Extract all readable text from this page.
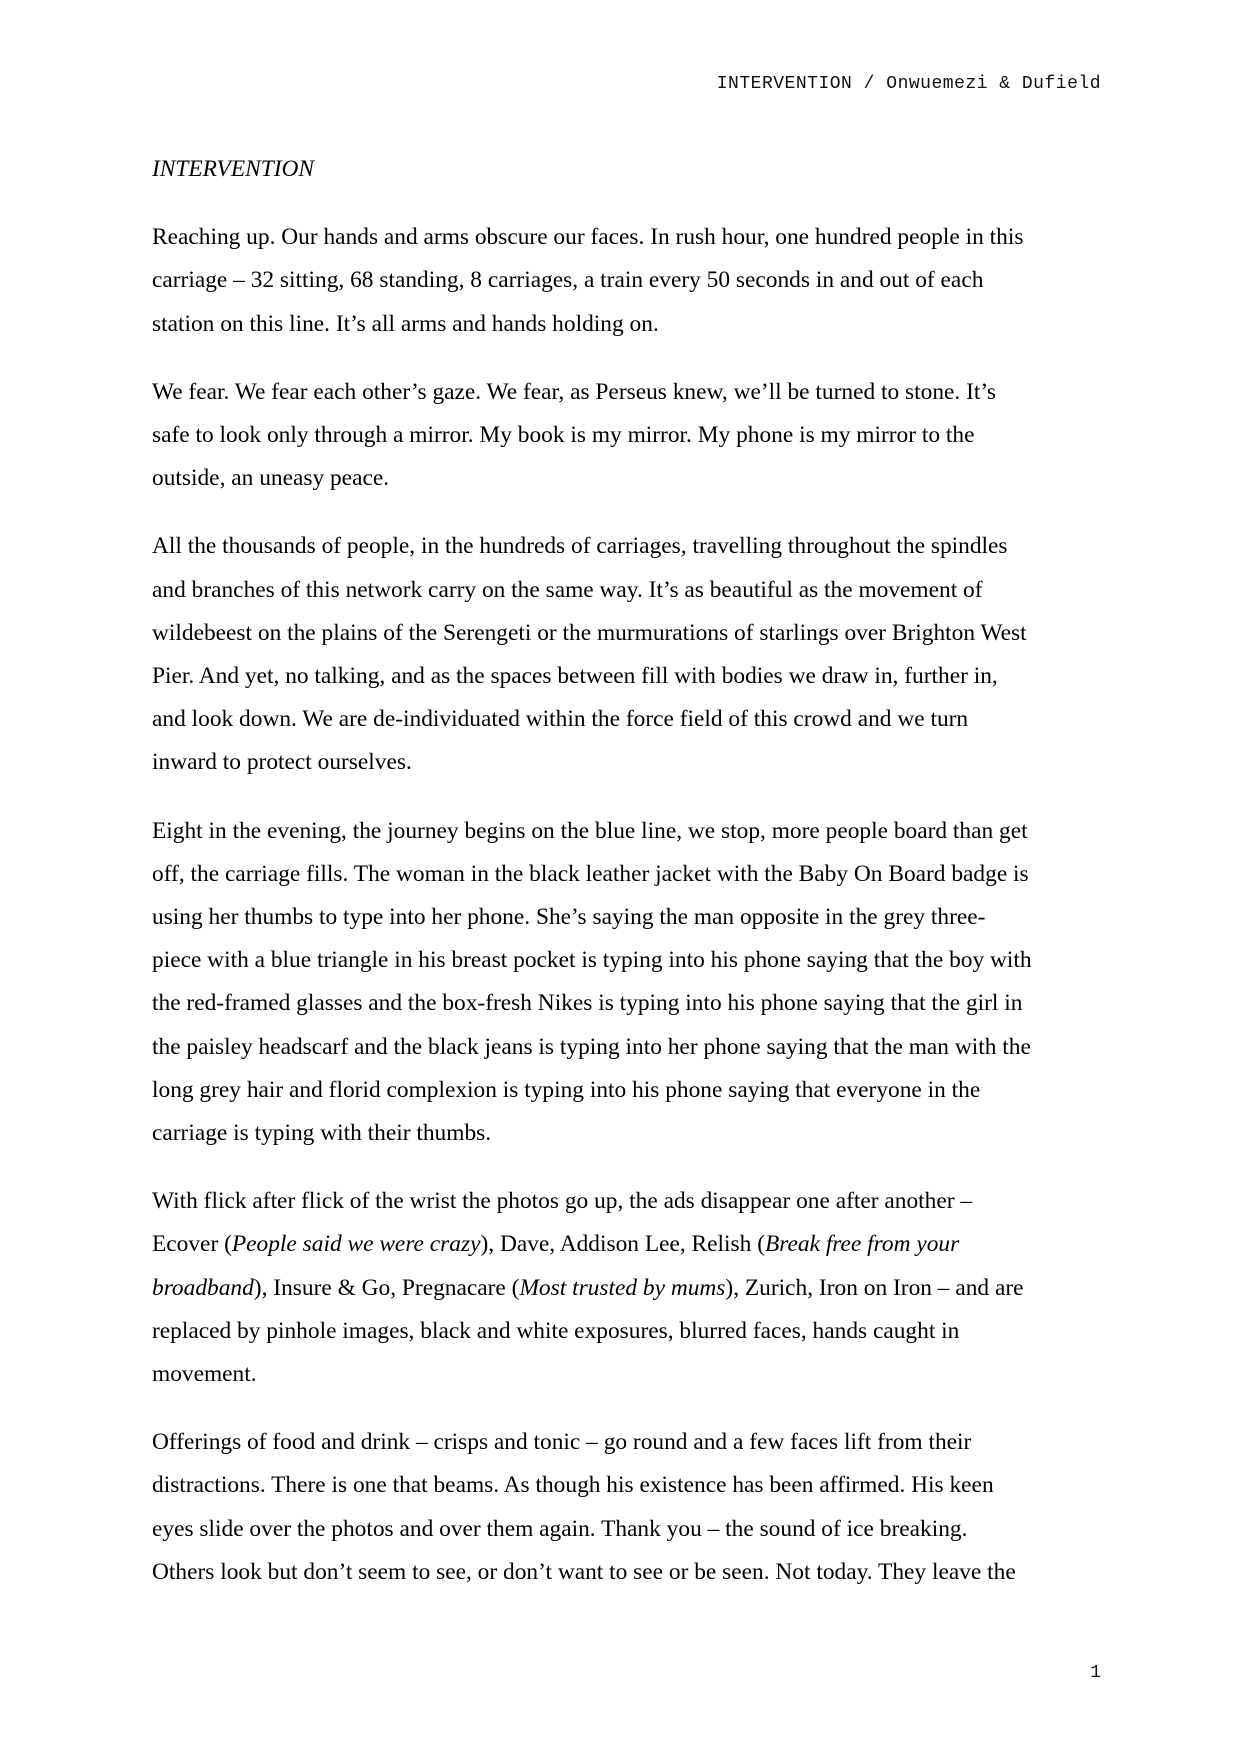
INTERVENTION / Onwuemezi & Dufield
INTERVENTION

Reaching up. Our hands and arms obscure our faces. In rush hour, one hundred people in this
carriage – 32 sitting, 68 standing, 8 carriages, a train every 50 seconds in and out of each
station on this line. It’s all arms and hands holding on.

We fear. We fear each other’s gaze. We fear, as Perseus knew, we’ll be turned to stone. It’s
safe to look only through a mirror. My book is my mirror. My phone is my mirror to the
outside, an uneasy peace.

All the thousands of people, in the hundreds of carriages, travelling throughout the spindles
and branches of this network carry on the same way. It’s as beautiful as the movement of
wildebeest on the plains of the Serengeti or the murmurations of starlings over Brighton West
Pier. And yet, no talking, and as the spaces between fill with bodies we draw in, further in,
and look down. We are de-individuated within the force field of this crowd and we turn
inward to protect ourselves.

Eight in the evening, the journey begins on the blue line, we stop, more people board than get
off, the carriage fills. The woman in the black leather jacket with the Baby On Board badge is
using her thumbs to type into her phone. She’s saying the man opposite in the grey three-
piece with a blue triangle in his breast pocket is typing into his phone saying that the boy with
the red-framed glasses and the box-fresh Nikes is typing into his phone saying that the girl in
the paisley headscarf and the black jeans is typing into her phone saying that the man with the
long grey hair and florid complexion is typing into his phone saying that everyone in the
carriage is typing with their thumbs.

With flick after flick of the wrist the photos go up, the ads disappear one after another –
Ecover (People said we were crazy), Dave, Addison Lee, Relish (Break free from your
broadband), Insure & Go, Pregnacare (Most trusted by mums), Zurich, Iron on Iron – and are
replaced by pinhole images, black and white exposures, blurred faces, hands caught in
movement.

Offerings of food and drink – crisps and tonic – go round and a few faces lift from their
distractions. There is one that beams. As though his existence has been affirmed. His keen
eyes slide over the photos and over them again. Thank you – the sound of ice breaking.
Others look but don’t seem to see, or don’t want to see or be seen. Not today. They leave the

1
